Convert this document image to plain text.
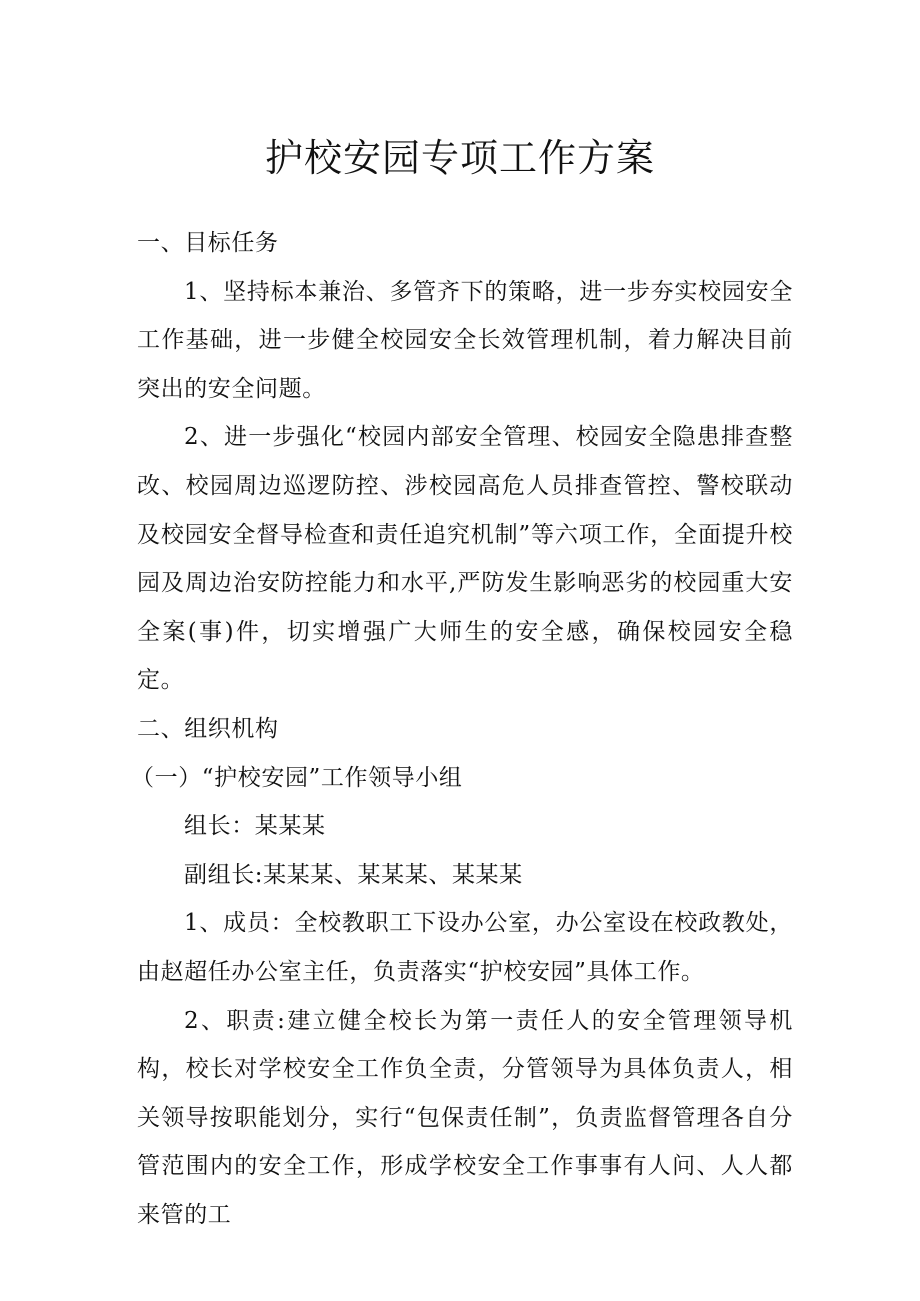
护校安园专项工作方案

一、目标任务

1、坚持标本兼治、多管齐下的策略，进一步夯实校园安全工作基础，进一步健全校园安全长效管理机制，着力解决目前突出的安全问题。

2、进一步强化“校园内部安全管理、校园安全隐患排查整改、校园周边巡逻防控、涉校园高危人员排查管控、警校联动及校园安全督导检查和责任追究机制”等六项工作，全面提升校园及周边治安防控能力和水平,严防发生影响恶劣的校园重大安全案(事)件，切实增强广大师生的安全感，确保校园安全稳定。

二、组织机构

（一）“护校安园”工作领导小组

组长：某某某

副组长:某某某、某某某、某某某

1、成员：全校教职工下设办公室，办公室设在校政教处，由赵超任办公室主任，负责落实“护校安园”具体工作。

2、职责:建立健全校长为第一责任人的安全管理领导机构，校长对学校安全工作负全责，分管领导为具体负责人，相关领导按职能划分，实行“包保责任制”，负责监督管理各自分管范围内的安全工作，形成学校安全工作事事有人问、人人都来管的工
